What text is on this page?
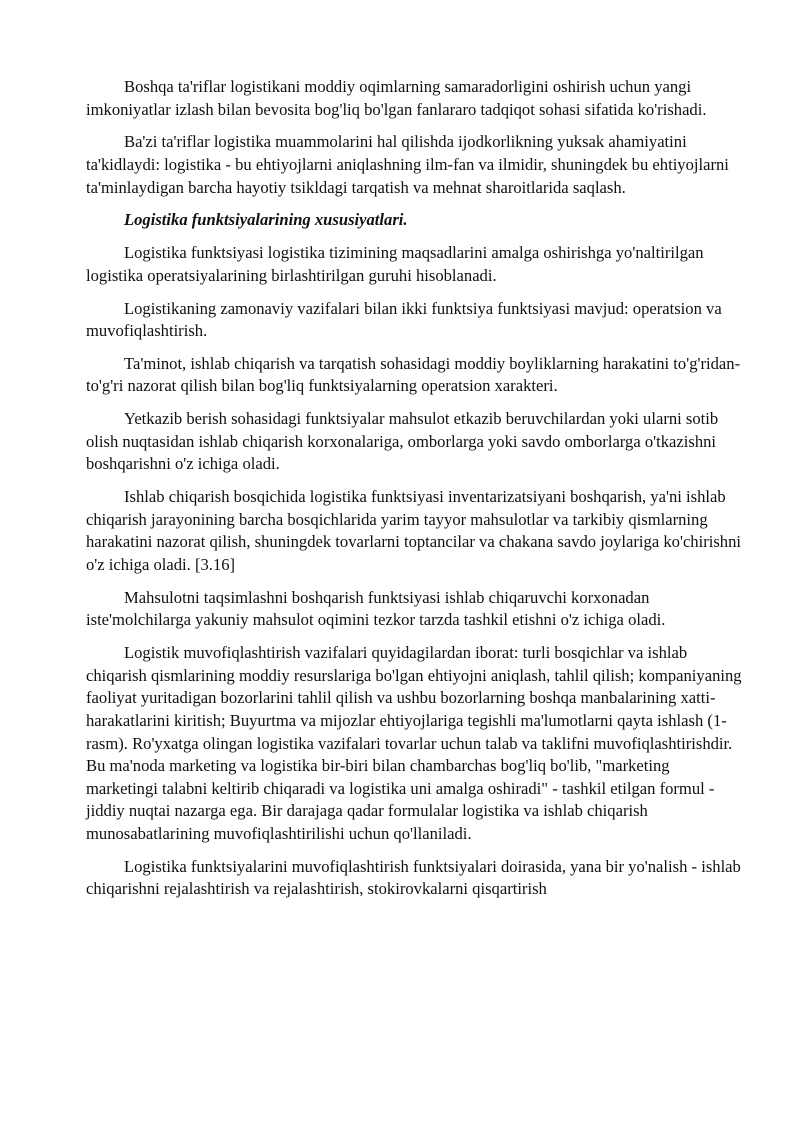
Boshqa ta'riflar logistikani moddiy oqimlarning samaradorligini oshirish uchun yangi imkoniyatlar izlash bilan bevosita bog'liq bo'lgan fanlararo tadqiqot sohasi sifatida ko'rishadi.

Ba'zi ta'riflar logistika muammolarini hal qilishda ijodkorlikning yuksak ahamiyatini ta'kidlaydi: logistika - bu ehtiyojlarni aniqlashning ilm-fan va ilmidir, shuningdek bu ehtiyojlarni ta'minlaydigan barcha hayotiy tsikldagi tarqatish va mehnat sharoitlarida saqlash.

Logistika funktsiyalarining xususiyatlari.

Logistika funktsiyasi logistika tizimining maqsadlarini amalga oshirishga yo'naltirilgan logistika operatsiyalarining birlashtirilgan guruhi hisoblanadi.

Logistikaning zamonaviy vazifalari bilan ikki funktsiya funktsiyasi mavjud: operatsion va muvofiqlashtirish.

Ta'minot, ishlab chiqarish va tarqatish sohasidagi moddiy boyliklarning harakatini to'g'ridan-to'g'ri nazorat qilish bilan bog'liq funktsiyalarning operatsion xarakteri.

Yetkazib berish sohasidagi funktsiyalar mahsulot etkazib beruvchilardan yoki ularni sotib olish nuqtasidan ishlab chiqarish korxonalariga, omborlarga yoki savdo omborlarga o'tkazishni boshqarishni o'z ichiga oladi.

Ishlab chiqarish bosqichida logistika funktsiyasi inventarizatsiyani boshqarish, ya'ni ishlab chiqarish jarayonining barcha bosqichlarida yarim tayyor mahsulotlar va tarkibiy qismlarning harakatini nazorat qilish, shuningdek tovarlarni toptancilar va chakana savdo joylariga ko'chirishni o'z ichiga oladi. [3.16]

Mahsulotni taqsimlashni boshqarish funktsiyasi ishlab chiqaruvchi korxonadan iste'molchilarga yakuniy mahsulot oqimini tezkor tarzda tashkil etishni o'z ichiga oladi.

Logistik muvofiqlashtirish vazifalari quyidagilardan iborat: turli bosqichlar va ishlab chiqarish qismlarining moddiy resurslariga bo'lgan ehtiyojni aniqlash, tahlil qilish; kompaniyaning faoliyat yuritadigan bozorlarini tahlil qilish va ushbu bozorlarning boshqa manbalarining xatti-harakatlarini kiritish; Buyurtma va mijozlar ehtiyojlariga tegishli ma'lumotlarni qayta ishlash (1-rasm). Ro'yxatga olingan logistika vazifalari tovarlar uchun talab va taklifni muvofiqlashtirishdir. Bu ma'noda marketing va logistika bir-biri bilan chambarchas bog'liq bo'lib, "marketing marketingi talabni keltirib chiqaradi va logistika uni amalga oshiradi" - tashkil etilgan formul - jiddiy nuqtai nazarga ega. Bir darajaga qadar formulalar logistika va ishlab chiqarish munosabatlarining muvofiqlashtirilishi uchun qo'llaniladi.

Logistika funktsiyalarini muvofiqlashtirish funktsiyalari doirasida, yana bir yo'nalish - ishlab chiqarishni rejalashtirish va rejalashtirish, stokirovkalarni qisqartirish
